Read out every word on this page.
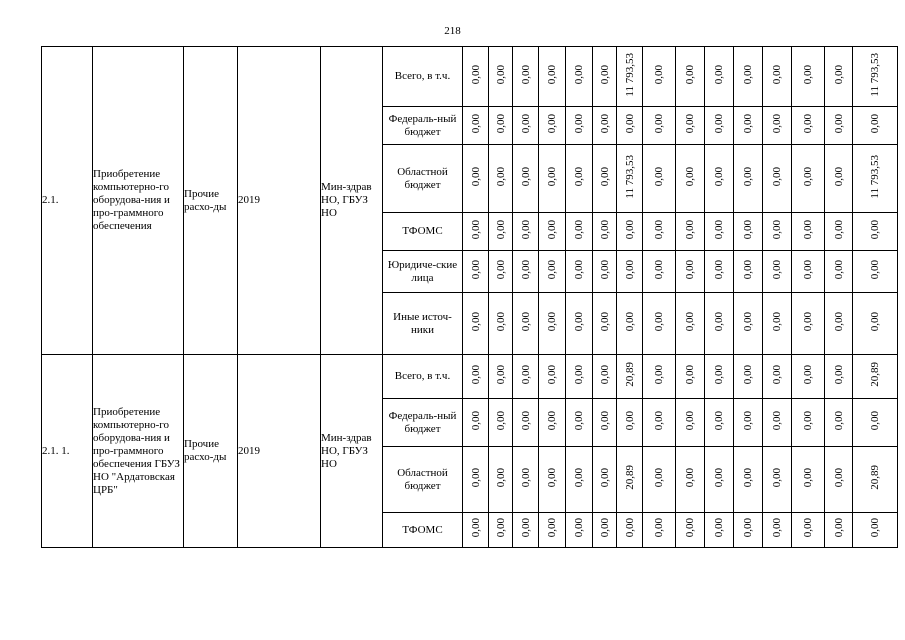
218
2.1.	Приобретение компьютерно-го оборудова-ния и про-граммного обеспечения	Прочие расхо-ды	2019	Мин-здрав НО, ГБУЗ НО	Всего, в т.ч.	0,00	0,00	0,00	0,00	0,00	0,00	11 793,53	0,00	0,00	0,00	0,00	0,00	0,00	0,00	11 793,53
					Федераль-ный бюджет	0,00	0,00	0,00	0,00	0,00	0,00	0,00	0,00	0,00	0,00	0,00	0,00	0,00	0,00	0,00
					Областной бюджет	0,00	0,00	0,00	0,00	0,00	0,00	11 793,53	0,00	0,00	0,00	0,00	0,00	0,00	0,00	11 793,53
					ТФОМС	0,00	0,00	0,00	0,00	0,00	0,00	0,00	0,00	0,00	0,00	0,00	0,00	0,00	0,00	0,00
					Юридиче-ские лица	0,00	0,00	0,00	0,00	0,00	0,00	0,00	0,00	0,00	0,00	0,00	0,00	0,00	0,00	0,00
					Иные источ-ники	0,00	0,00	0,00	0,00	0,00	0,00	0,00	0,00	0,00	0,00	0,00	0,00	0,00	0,00	0,00
2.1. 1.	Приобретение компьютерно-го оборудова-ния и про-граммного обеспечения ГБУЗ НО "Ардатовская ЦРБ"	Прочие расхо-ды	2019	Мин-здрав НО, ГБУЗ НО	Всего, в т.ч.	0,00	0,00	0,00	0,00	0,00	0,00	20,89	0,00	0,00	0,00	0,00	0,00	0,00	0,00	20,89
					Федераль-ный бюджет	0,00	0,00	0,00	0,00	0,00	0,00	0,00	0,00	0,00	0,00	0,00	0,00	0,00	0,00	0,00
					Областной бюджет	0,00	0,00	0,00	0,00	0,00	0,00	20,89	0,00	0,00	0,00	0,00	0,00	0,00	0,00	20,89
					ТФОМС	0,00	0,00	0,00	0,00	0,00	0,00	0,00	0,00	0,00	0,00	0,00	0,00	0,00	0,00	0,00
